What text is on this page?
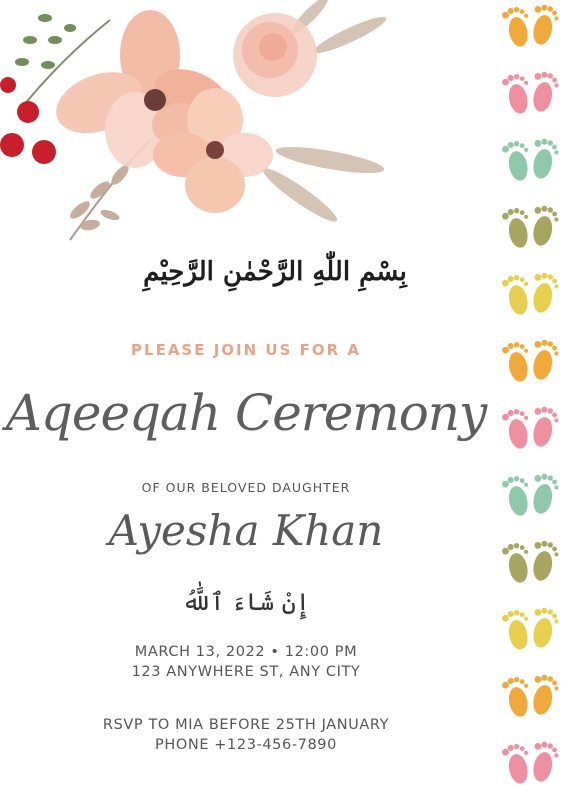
بِسْمِ اللّٰهِ الرَّحْمٰنِ الرَّحِيْمِ
PLEASE JOIN US FOR A
Aqeeqah Ceremony
OF OUR BELOVED DAUGHTER
Ayesha Khan
إِنْ شَاءَ ٱللَّٰهُ
MARCH 13, 2022 • 12:00 PM
123 ANYWHERE ST, ANY CITY
RSVP TO MIA BEFORE 25TH JANUARY
PHONE +123-456-7890
